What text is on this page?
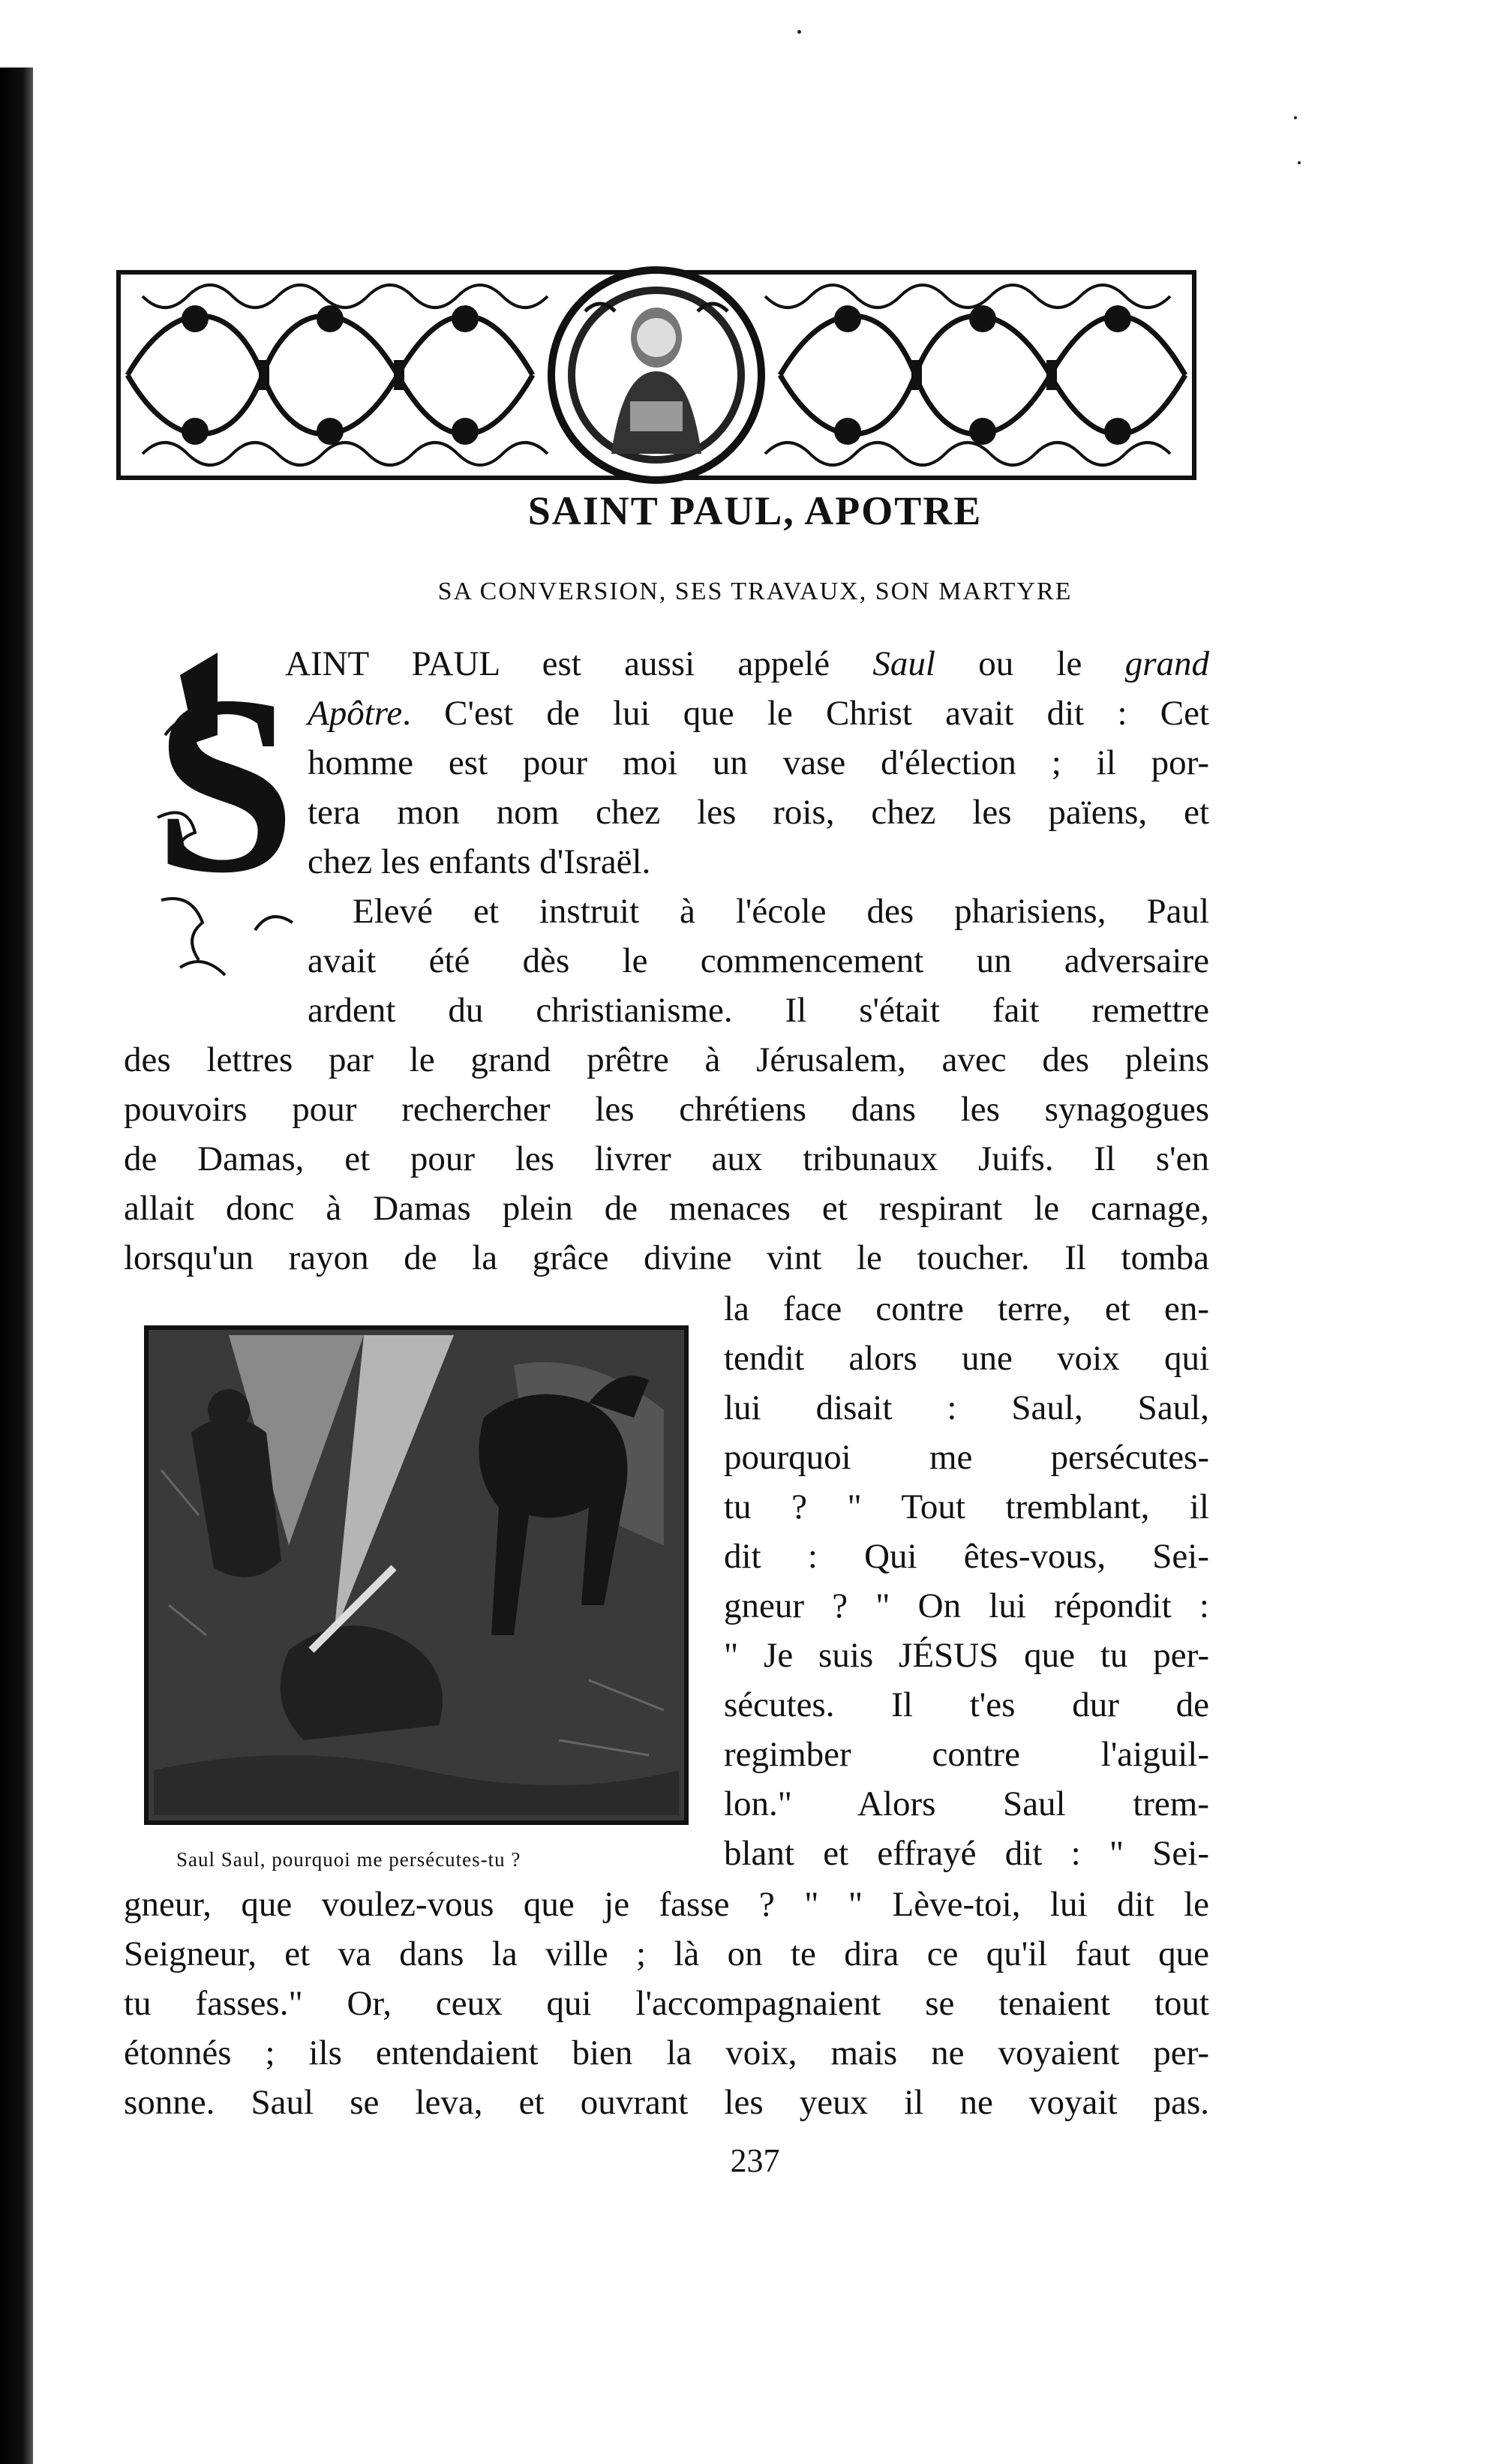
SAINT PAUL, APOTRE
SA CONVERSION, SES TRAVAUX, SON MARTYRE
S
AINT PAUL est aussi appelé Saul ou le grand
Apôtre. C'est de lui que le Christ avait dit : Cet
homme est pour moi un vase d'élection ; il por-
tera mon nom chez les rois, chez les païens, et
chez les enfants d'Israël.
Elevé et instruit à l'école des pharisiens, Paul
avait été dès le commencement un adversaire
ardent du christianisme. Il s'était fait remettre
des lettres par le grand prêtre à Jérusalem, avec des pleins
pouvoirs pour rechercher les chrétiens dans les synagogues
de Damas, et pour les livrer aux tribunaux Juifs. Il s'en
allait donc à Damas plein de menaces et respirant le carnage,
lorsqu'un rayon de la grâce divine vint le toucher. Il tomba
la face contre terre, et en-
tendit alors une voix qui
lui disait : Saul, Saul,
pourquoi me persécutes-
tu ? " Tout tremblant, il
dit : Qui êtes-vous, Sei-
gneur ? " On lui répondit :
" Je suis JÉSUS que tu per-
sécutes. Il t'es dur de
regimber contre l'aiguil-
lon." Alors Saul trem-
blant et effrayé dit : " Sei-
gneur, que voulez-vous que je fasse ? " " Lève-toi, lui dit le
Seigneur, et va dans la ville ; là on te dira ce qu'il faut que
tu fasses." Or, ceux qui l'accompagnaient se tenaient tout
étonnés ; ils entendaient bien la voix, mais ne voyaient per-
sonne. Saul se leva, et ouvrant les yeux il ne voyait pas.
Saul Saul, pourquoi me persécutes-tu ?
237
